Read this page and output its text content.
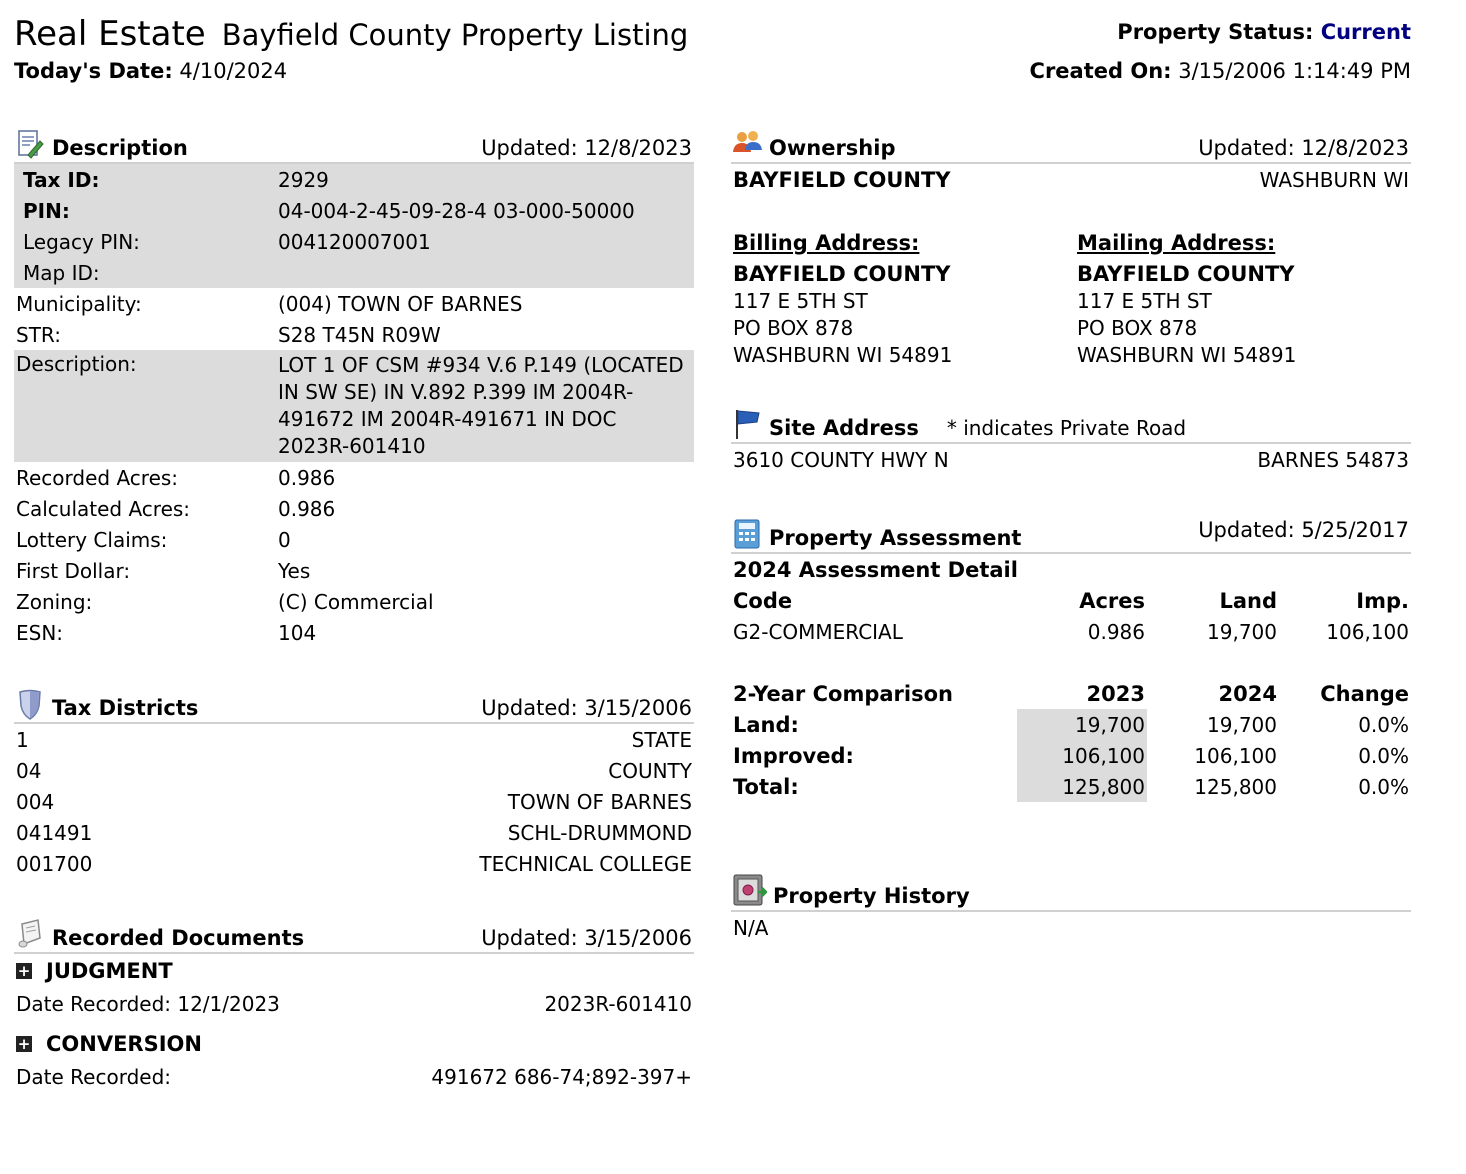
Real Estate Bayfield County Property Listing
Today's Date: 4/10/2024
Property Status: Current
Created On: 3/15/2006 1:14:49 PM
Description	Updated: 12/8/2023
Tax ID:	2929
PIN:	04-004-2-45-09-28-4 03-000-50000
Legacy PIN:	004120007001
Map ID:
Municipality:	(004) TOWN OF BARNES
STR:	S28 T45N R09W
Description:	LOT 1 OF CSM #934 V.6 P.149 (LOCATED IN SW SE) IN V.892 P.399 IM 2004R-491672 IM 2004R-491671 IN DOC 2023R-601410
Recorded Acres:	0.986
Calculated Acres:	0.986
Lottery Claims:	0
First Dollar:	Yes
Zoning:	(C) Commercial
ESN:	104
Tax Districts	Updated: 3/15/2006
1	STATE
04	COUNTY
004	TOWN OF BARNES
041491	SCHL-DRUMMOND
001700	TECHNICAL COLLEGE
Recorded Documents	Updated: 3/15/2006
+ JUDGMENT
Date Recorded: 12/1/2023	2023R-601410
+ CONVERSION
Date Recorded:	491672 686-74;892-397+
Ownership	Updated: 12/8/2023
BAYFIELD COUNTY	WASHBURN WI
Billing Address:
BAYFIELD COUNTY
117 E 5TH ST
PO BOX 878
WASHBURN WI 54891
Mailing Address:
BAYFIELD COUNTY
117 E 5TH ST
PO BOX 878
WASHBURN WI 54891
Site Address * indicates Private Road
3610 COUNTY HWY N	BARNES 54873
Property Assessment	Updated: 5/25/2017
2024 Assessment Detail			
Code	Acres	Land	Imp.
G2-COMMERCIAL	0.986	19,700	106,100

2-Year Comparison	2023	2024	Change
Land:	19,700	19,700	0.0%
Improved:	106,100	106,100	0.0%
Total:	125,800	125,800	0.0%
Property History
N/A
